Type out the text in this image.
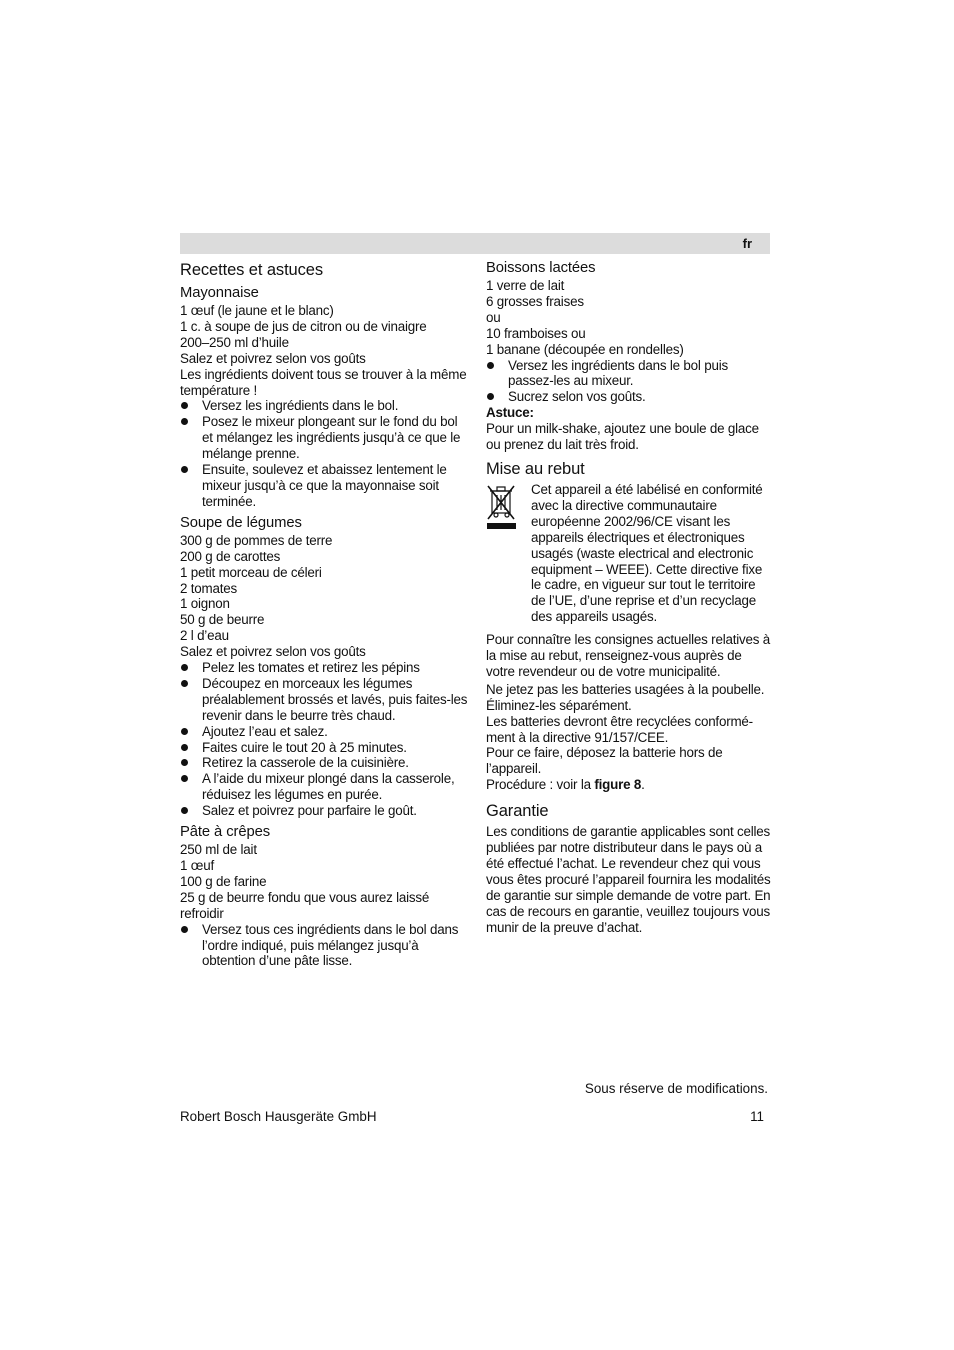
fr
Recettes et astuces
Mayonnaise
1 œuf (le jaune et le blanc)
1 c. à soupe de jus de citron ou de vinaigre
200–250 ml d’huile
Salez et poivrez selon vos goûts
Les ingrédients doivent tous se trouver à la même température !
Versez les ingrédients dans le bol.
Posez le mixeur plongeant sur le fond du bol et mélangez les ingrédients jusqu’à ce que le mélange prenne.
Ensuite, soulevez et abaissez lentement le mixeur jusqu’à ce que la mayonnaise soit terminée.
Soupe de légumes
300 g de pommes de terre
200 g de carottes
1 petit morceau de céleri
2 tomates
1 oignon
50 g de beurre
2 l d’eau
Salez et poivrez selon vos goûts
Pelez les tomates et retirez les pépins
Découpez en morceaux les légumes préalablement brossés et lavés, puis faites-les revenir dans le beurre très chaud.
Ajoutez l’eau et salez.
Faites cuire le tout 20 à 25 minutes.
Retirez la casserole de la cuisinière.
A l’aide du mixeur plongé dans la casserole, réduisez les légumes en purée.
Salez et poivrez pour parfaire le goût.
Pâte à crêpes
250 ml de lait
1 œuf
100 g de farine
25 g de beurre fondu que vous aurez laissé refroidir
Versez tous ces ingrédients dans le bol dans l’ordre indiqué, puis mélangez jusqu’à obtention d’une pâte lisse.
Boissons lactées
1 verre de lait
6 grosses fraises
ou
10 framboises ou
1 banane (découpée en rondelles)
Versez les ingrédients dans le bol puis passez-les au mixeur.
Sucrez selon vos goûts.
Astuce:
Pour un milk-shake, ajoutez une boule de glace ou prenez du lait très froid.
Mise au rebut
Cet appareil a été labélisé en conformité avec la directive communautaire européenne 2002/96/CE visant les appareils électriques et électroniques usagés (waste electrical and electronic equipment – WEEE). Cette directive fixe le cadre, en vigueur sur tout le territoire de l’UE, d’une reprise et d’un recyclage des appareils usagés.
Pour connaître les consignes actuelles relatives à la mise au rebut, renseignez-vous auprès de votre revendeur ou de votre municipalité.
Ne jetez pas les batteries usagées à la poubelle.
Éliminez-les séparément.
Les batteries devront être recyclées conformé-ment à la directive 91/157/CEE.
Pour ce faire, déposez la batterie hors de l’appareil.
Procédure : voir la figure 8.
Garantie
Les conditions de garantie applicables sont celles publiées par notre distributeur dans le pays où a été effectué l’achat. Le revendeur chez qui vous vous êtes procuré l’appareil fournira les modalités de garantie sur simple demande de votre part. En cas de recours en garantie, veuillez toujours vous munir de la preuve d’achat.
Sous réserve de modifications.
Robert Bosch Hausgeräte GmbH	11
